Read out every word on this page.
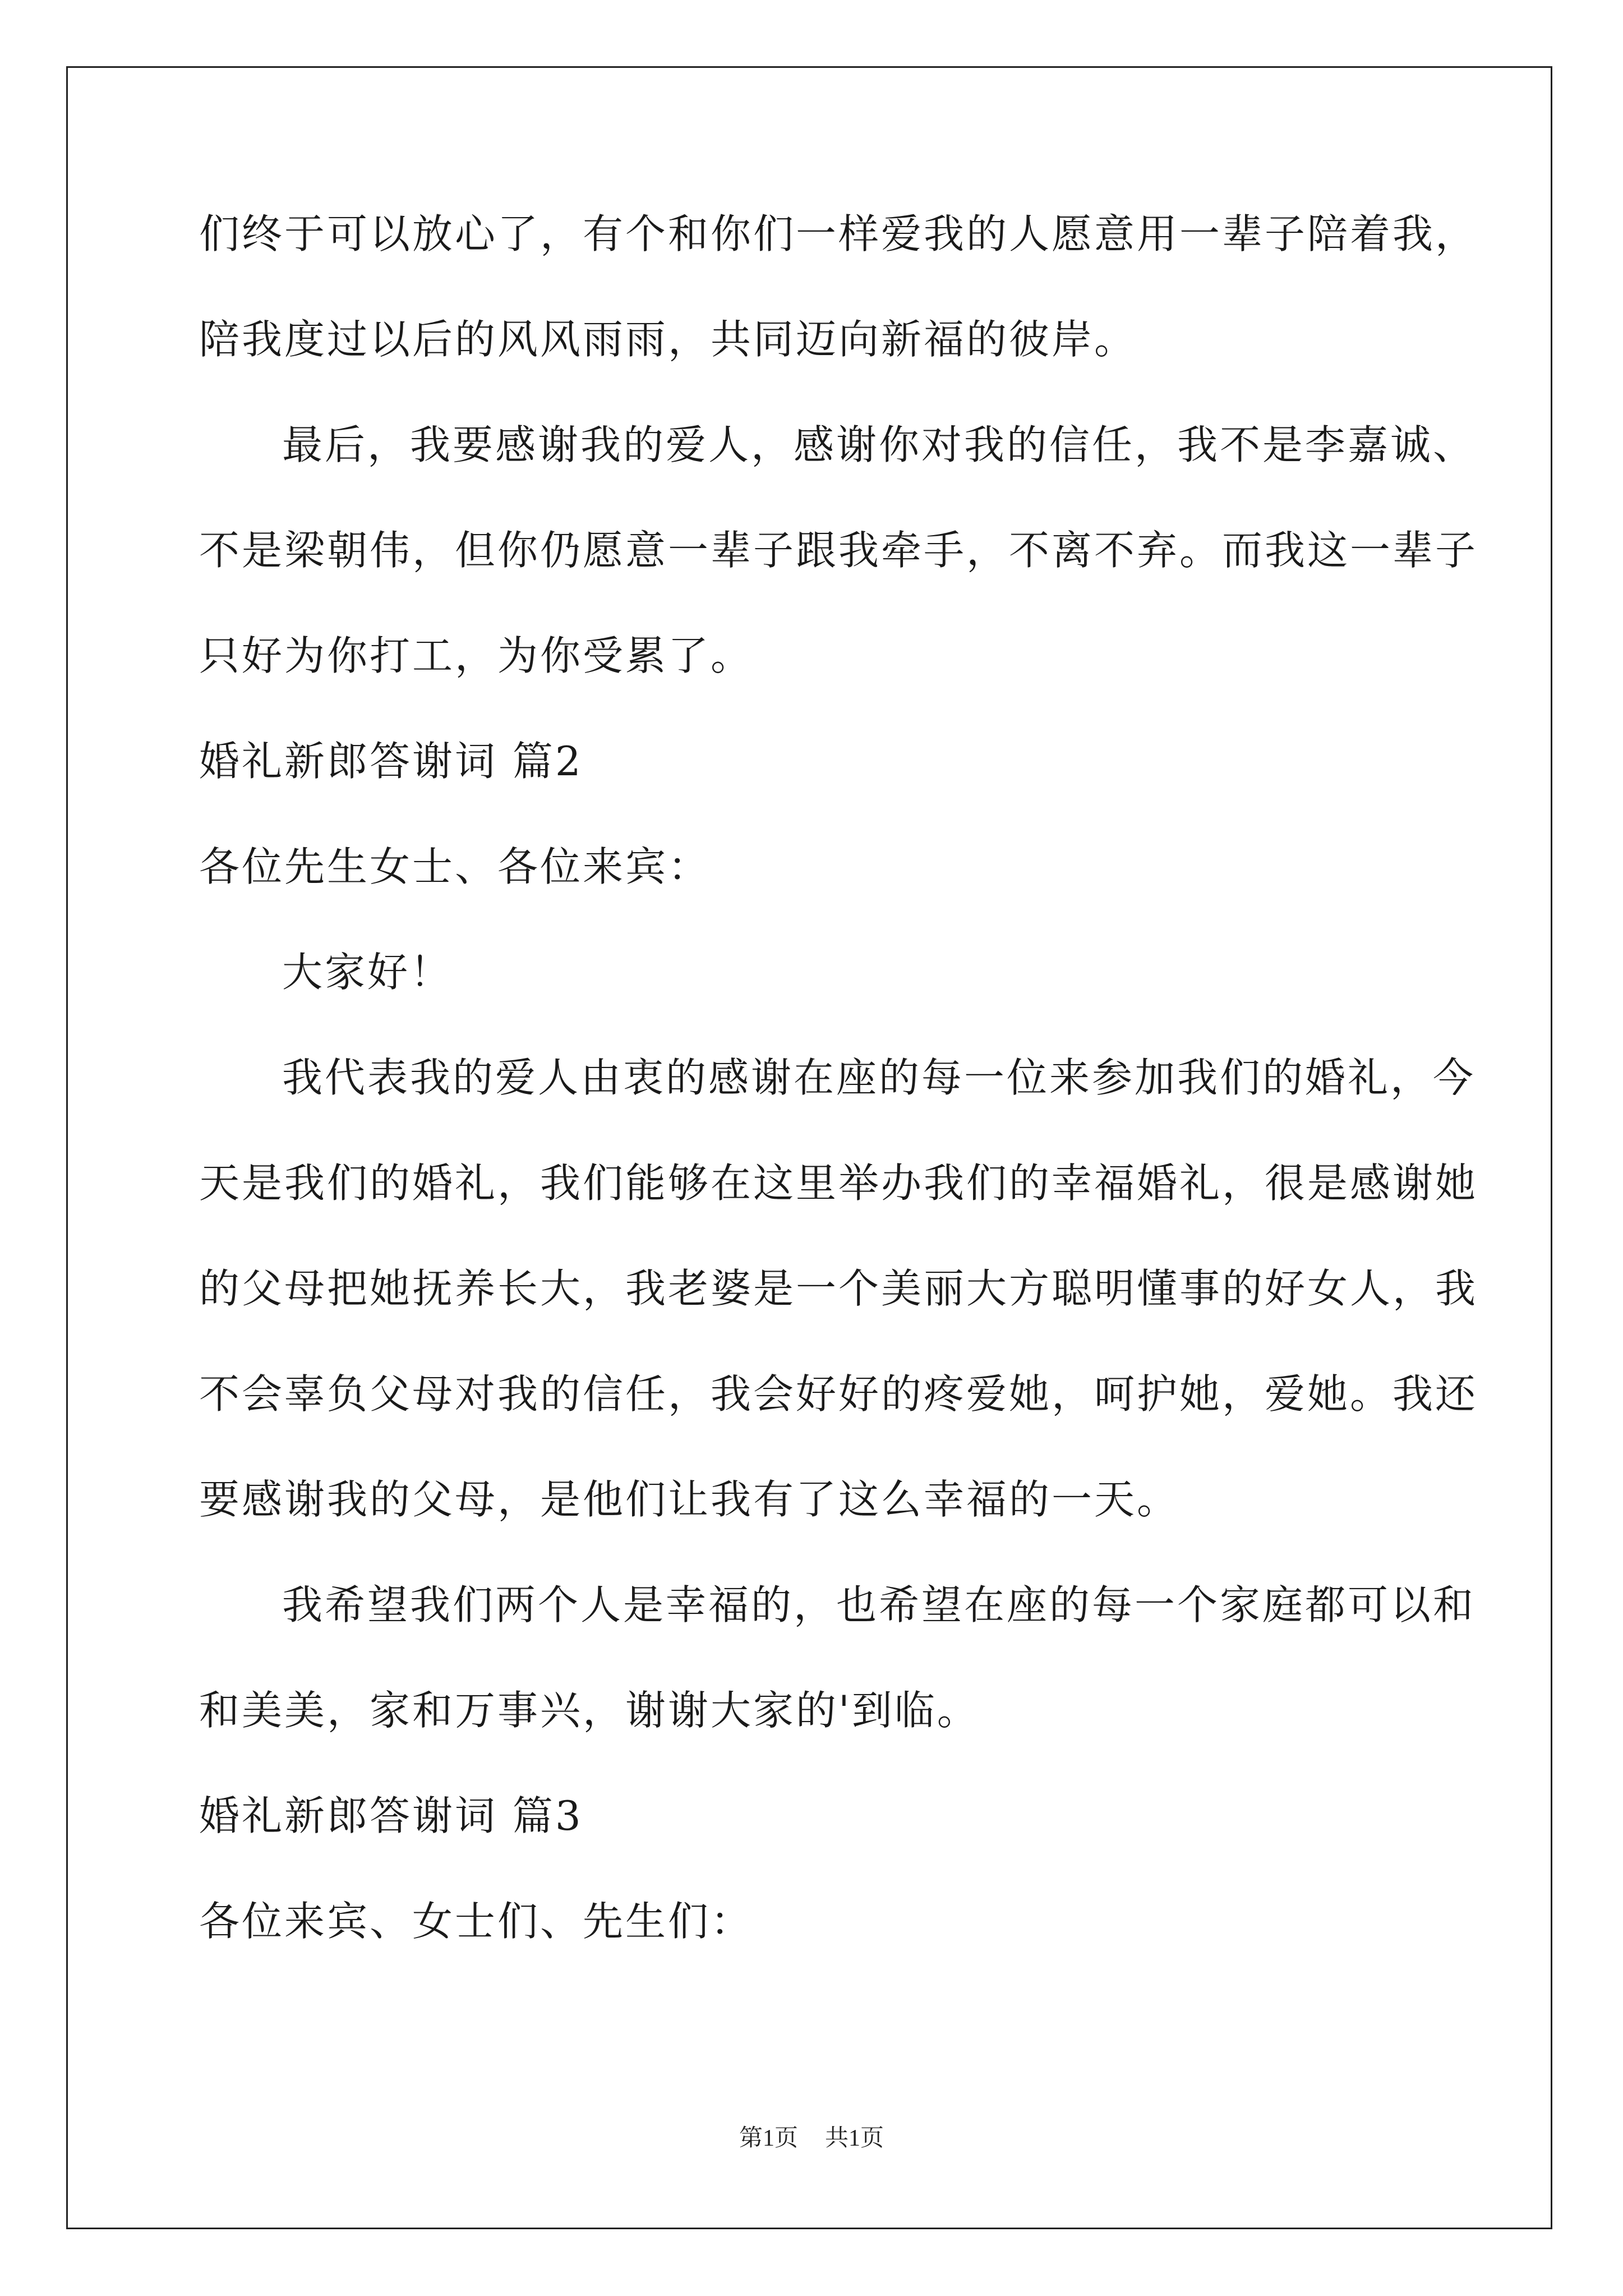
们终于可以放心了，有个和你们一样爱我的人愿意用一辈子陪着我，
陪我度过以后的风风雨雨，共同迈向新福的彼岸。
最后，我要感谢我的爱人，感谢你对我的信任，我不是李嘉诚、
不是梁朝伟，但你仍愿意一辈子跟我牵手，不离不弃。而我这一辈子
只好为你打工，为你受累了。
婚礼新郎答谢词 篇2
各位先生女士、各位来宾：
大家好！
我代表我的爱人由衷的感谢在座的每一位来参加我们的婚礼，今
天是我们的婚礼，我们能够在这里举办我们的幸福婚礼，很是感谢她
的父母把她抚养长大，我老婆是一个美丽大方聪明懂事的好女人，我
不会辜负父母对我的信任，我会好好的疼爱她，呵护她，爱她。我还
要感谢我的父母，是他们让我有了这么幸福的一天。
我希望我们两个人是幸福的，也希望在座的每一个家庭都可以和
和美美，家和万事兴，谢谢大家的'到临。
婚礼新郎答谢词 篇3
各位来宾、女士们、先生们：
第1页 共1页
